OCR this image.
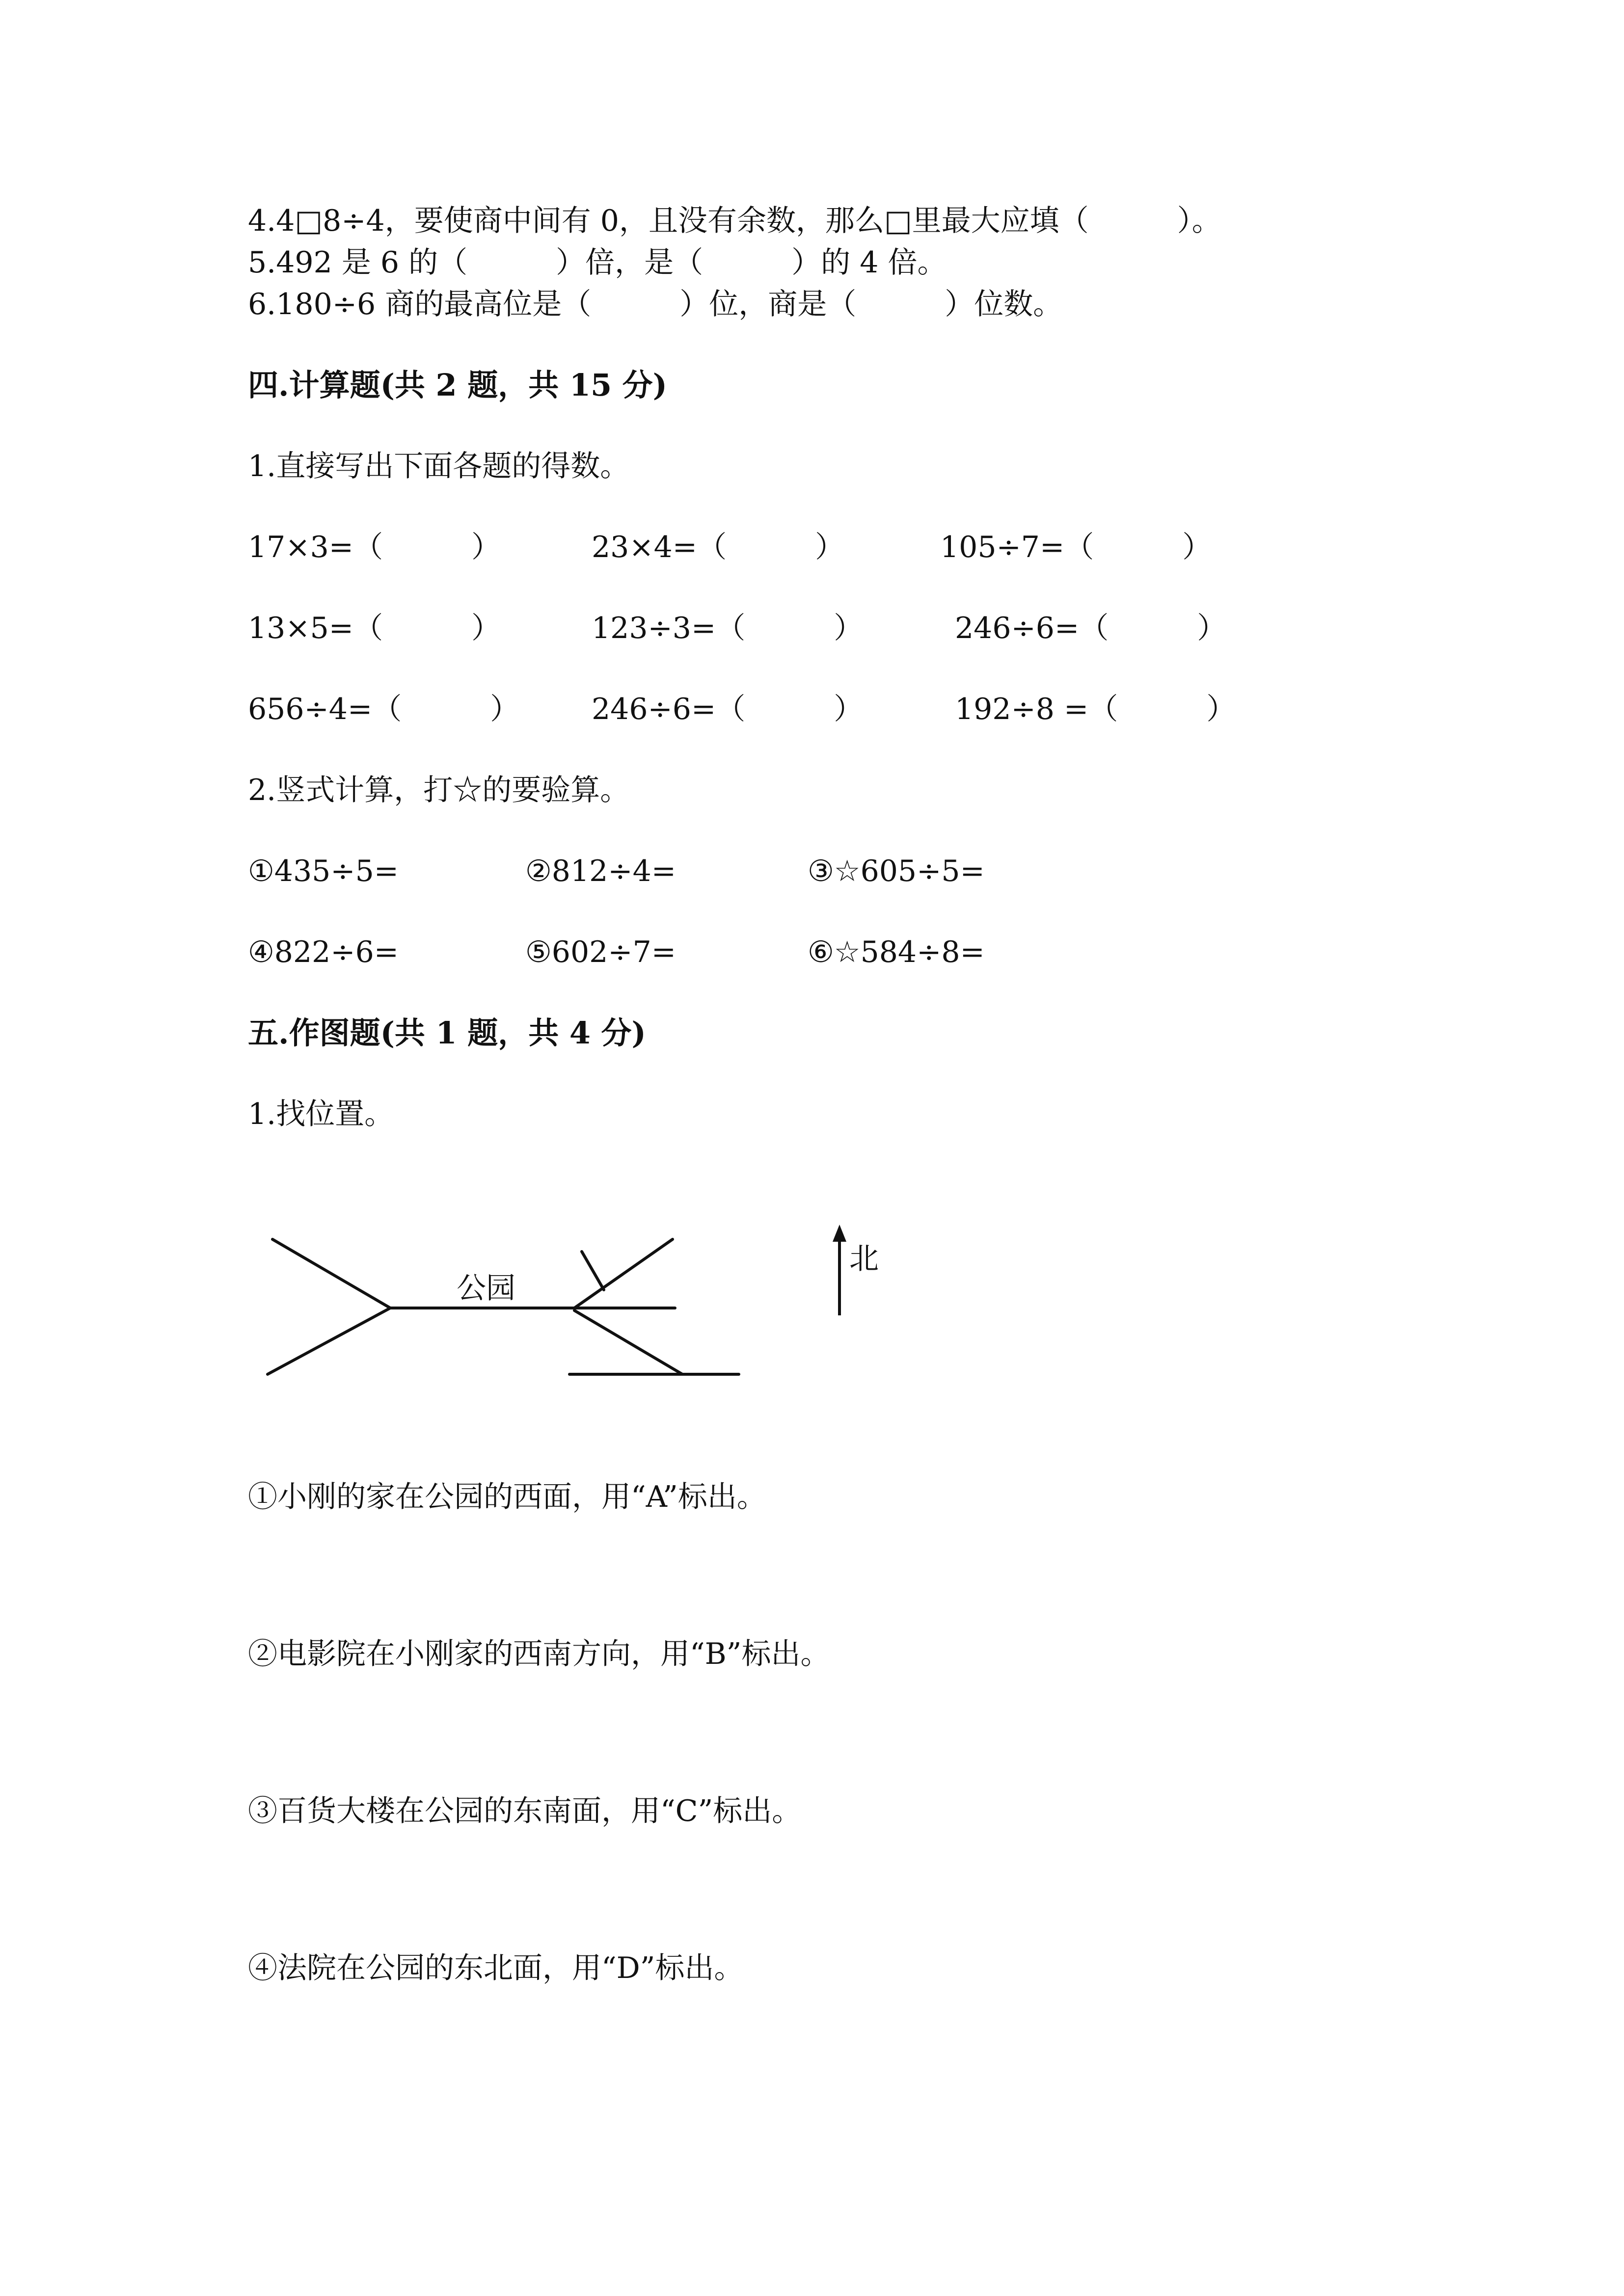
4.4□8÷4，要使商中间有 0，且没有余数，那么□里最大应填（　　　）。
5.492 是 6 的（　　　）倍，是（　　　）的 4 倍。
6.180÷6 商的最高位是（　　　）位，商是（　　　）位数。
四.计算题(共 2 题，共 15 分)
1.直接写出下面各题的得数。
17×3=（　　　）	23×4=（　　　）	105÷7=（　　　）
13×5=（　　　）	123÷3=（　　　）	246÷6=（　　　）
656÷4=（　　　） 246÷6=（　　　）	192÷8 =（　　　）
2.竖式计算，打☆的要验算。
①435÷5=	②812÷4=	③☆605÷5=
④822÷6=	⑤602÷7=	⑥☆584÷8=
五.作图题(共 1 题，共 4 分)
1.找位置。
公园
北
①小刚的家在公园的西面，用“A”标出。
②电影院在小刚家的西南方向，用“B”标出。
③百货大楼在公园的东南面，用“C”标出。
④法院在公园的东北面，用“D”标出。
